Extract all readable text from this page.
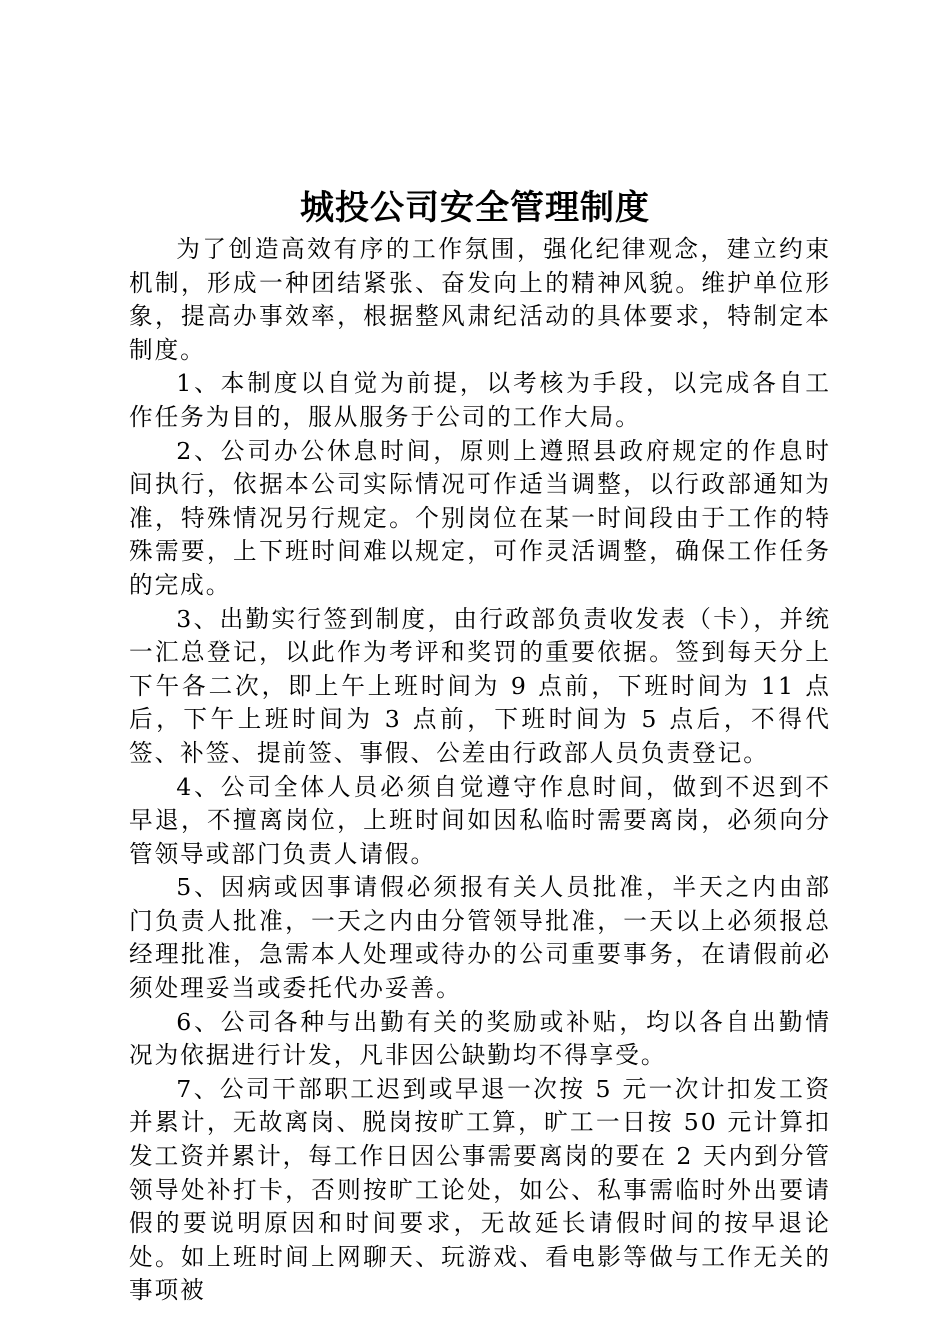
城投公司安全管理制度

为了创造高效有序的工作氛围，强化纪律观念，建立约束机制，形成一种团结紧张、奋发向上的精神风貌。维护单位形象，提高办事效率，根据整风肃纪活动的具体要求，特制定本制度。

1、本制度以自觉为前提，以考核为手段，以完成各自工作任务为目的，服从服务于公司的工作大局。

2、公司办公休息时间，原则上遵照县政府规定的作息时间执行，依据本公司实际情况可作适当调整，以行政部通知为准，特殊情况另行规定。个别岗位在某一时间段由于工作的特殊需要，上下班时间难以规定，可作灵活调整，确保工作任务的完成。

3、出勤实行签到制度，由行政部负责收发表（卡），并统一汇总登记，以此作为考评和奖罚的重要依据。签到每天分上下午各二次，即上午上班时间为 9 点前，下班时间为 11 点后，下午上班时间为 3 点前，下班时间为 5 点后，不得代签、补签、提前签、事假、公差由行政部人员负责登记。

4、公司全体人员必须自觉遵守作息时间，做到不迟到不早退，不擅离岗位，上班时间如因私临时需要离岗，必须向分管领导或部门负责人请假。

5、因病或因事请假必须报有关人员批准，半天之内由部门负责人批准，一天之内由分管领导批准，一天以上必须报总经理批准，急需本人处理或待办的公司重要事务，在请假前必须处理妥当或委托代办妥善。

6、公司各种与出勤有关的奖励或补贴，均以各自出勤情况为依据进行计发，凡非因公缺勤均不得享受。

7、公司干部职工迟到或早退一次按 5 元一次计扣发工资并累计，无故离岗、脱岗按旷工算，旷工一日按 50 元计算扣发工资并累计，每工作日因公事需要离岗的要在 2 天内到分管领导处补打卡，否则按旷工论处，如公、私事需临时外出要请假的要说明原因和时间要求，无故延长请假时间的按早退论处。如上班时间上网聊天、玩游戏、看电影等做与工作无关的事项被
